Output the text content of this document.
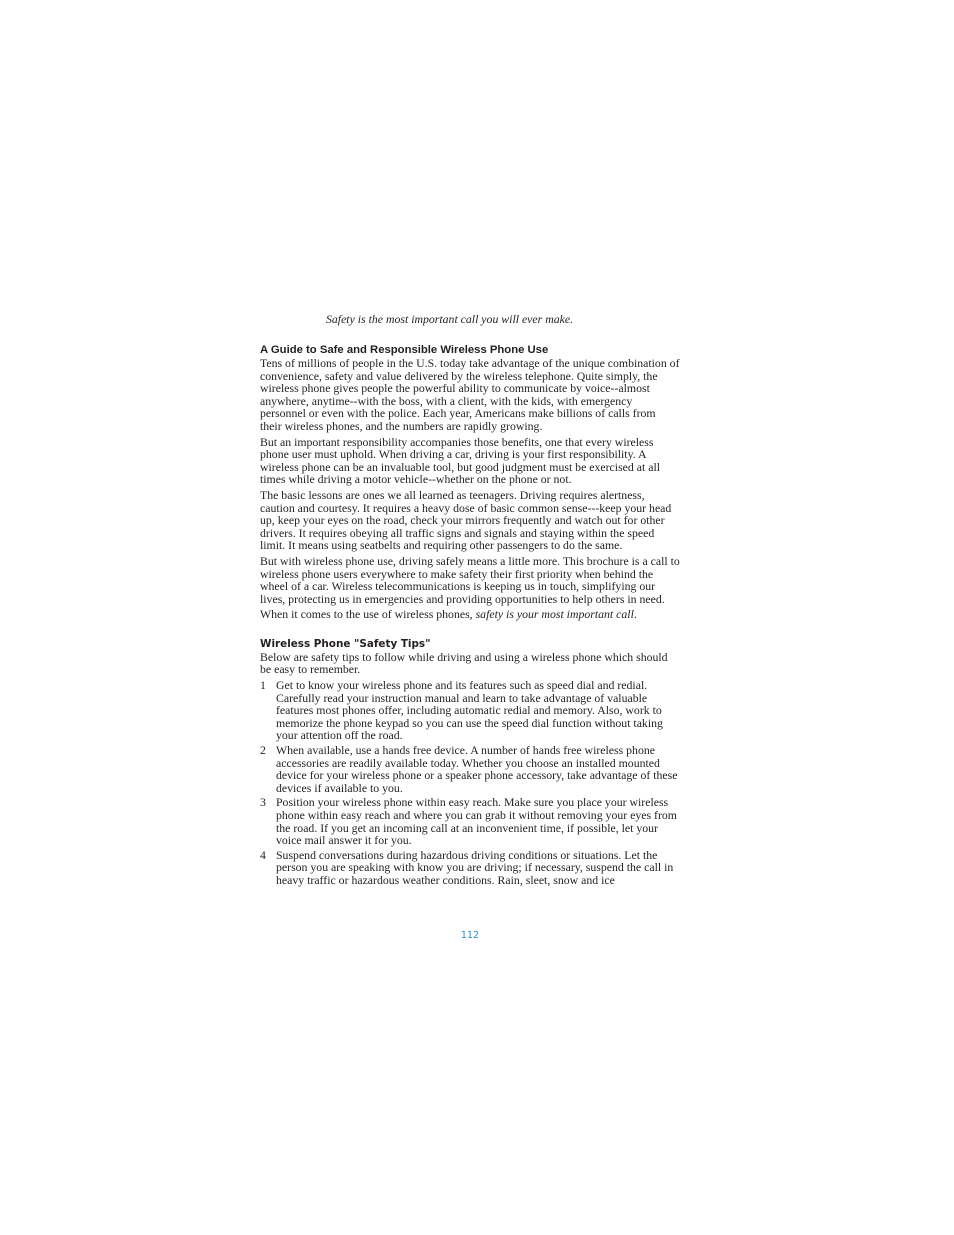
Safety is the most important call you will ever make.
A Guide to Safe and Responsible Wireless Phone Use

Tens of millions of people in the U.S. today take advantage of the unique combination of convenience, safety and value delivered by the wireless telephone. Quite simply, the wireless phone gives people the powerful ability to communicate by voice--almost anywhere, anytime--with the boss, with a client, with the kids, with emergency personnel or even with the police. Each year, Americans make billions of calls from their wireless phones, and the numbers are rapidly growing.

But an important responsibility accompanies those benefits, one that every wireless phone user must uphold. When driving a car, driving is your first responsibility. A wireless phone can be an invaluable tool, but good judgment must be exercised at all times while driving a motor vehicle--whether on the phone or not.

The basic lessons are ones we all learned as teenagers. Driving requires alertness, caution and courtesy. It requires a heavy dose of basic common sense---keep your head up, keep your eyes on the road, check your mirrors frequently and watch out for other drivers. It requires obeying all traffic signs and signals and staying within the speed limit. It means using seatbelts and requiring other passengers to do the same.

But with wireless phone use, driving safely means a little more. This brochure is a call to wireless phone users everywhere to make safety their first priority when behind the wheel of a car. Wireless telecommunications is keeping us in touch, simplifying our lives, protecting us in emergencies and providing opportunities to help others in need.

When it comes to the use of wireless phones, safety is your most important call.

Wireless Phone "Safety Tips"

Below are safety tips to follow while driving and using a wireless phone which should be easy to remember.

1 Get to know your wireless phone and its features such as speed dial and redial. Carefully read your instruction manual and learn to take advantage of valuable features most phones offer, including automatic redial and memory. Also, work to memorize the phone keypad so you can use the speed dial function without taking your attention off the road.
2 When available, use a hands free device. A number of hands free wireless phone accessories are readily available today. Whether you choose an installed mounted device for your wireless phone or a speaker phone accessory, take advantage of these devices if available to you.
3 Position your wireless phone within easy reach. Make sure you place your wireless phone within easy reach and where you can grab it without removing your eyes from the road. If you get an incoming call at an inconvenient time, if possible, let your voice mail answer it for you.
4 Suspend conversations during hazardous driving conditions or situations. Let the person you are speaking with know you are driving; if necessary, suspend the call in heavy traffic or hazardous weather conditions. Rain, sleet, snow and ice
112
